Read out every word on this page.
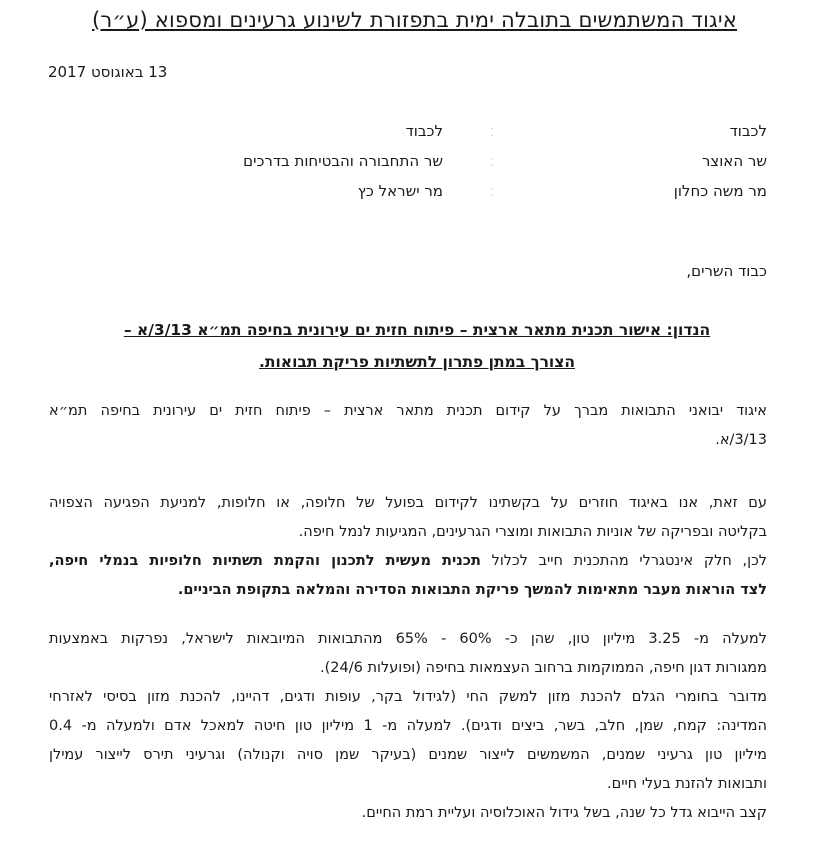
איגוד המשתמשים בתובלה ימית בתפזורת לשינוע גרעינים ומספוא (ע״ר)
13 באוגוסט 2017
לכבוד
שר האוצר
מר משה כחלון
⁚
⁚
⁚
לכבוד
שר התחבורה והבטיחות בדרכים
מר ישראל כץ
כבוד השרים,
הנדון: אישור תכנית מתאר ארצית – פיתוח חזית ים עירונית בחיפה תמ״א 3/13/א –
הצורך במתן פתרון לתשתיות פריקת תבואות.
איגוד יבואני התבואות מברך על קידום תכנית מתאר ארצית – פיתוח חזית ים עירונית בחיפה תמ״א
3/13/א.
עם זאת, אנו באיגוד חוזרים על בקשתינו לקידום בפועל של חלופה, או חלופות, למניעת הפגיעה הצפויה
בקליטה ובפריקה של אוניות התבואות ומוצרי הגרעינים, המגיעות לנמל חיפה.
לכן, חלק אינטגרלי מהתכנית חייב לכלול תכנית מעשית לתכנון והקמת תשתיות חלופיות בנמלי חיפה,
לצד הוראות מעבר מתאימות להמשך פריקת התבואות הסדירה והמלאה בתקופת הביניים.
למעלה מ- 3.25 מיליון טון, שהן כ- 60% - 65% מהתבואות המיובאות לישראל, נפרקות באמצעות
ממגורות דגון חיפה, הממוקמות ברחוב העצמאות בחיפה (ופועלות 24/6).
מדובר בחומרי הגלם להכנת מזון למשק החי (לגידול בקר, עופות ודגים, דהיינו, להכנת מזון בסיסי לאזרחי
המדינה: קמח, שמן, חלב, בשר, ביצים ודגים). למעלה מ- 1 מיליון טון חיטה למאכל אדם ולמעלה מ- 0.4
מיליון טון גרעיני שמנים, המשמשים לייצור שמנים (בעיקר שמן סויה וקנולה) וגרעיני תירס לייצור עמילן
ותבואות להזנת בעלי חיים.
קצב הייבוא גדל כל שנה, בשל גידול האוכלוסיה ועליית רמת החיים.
